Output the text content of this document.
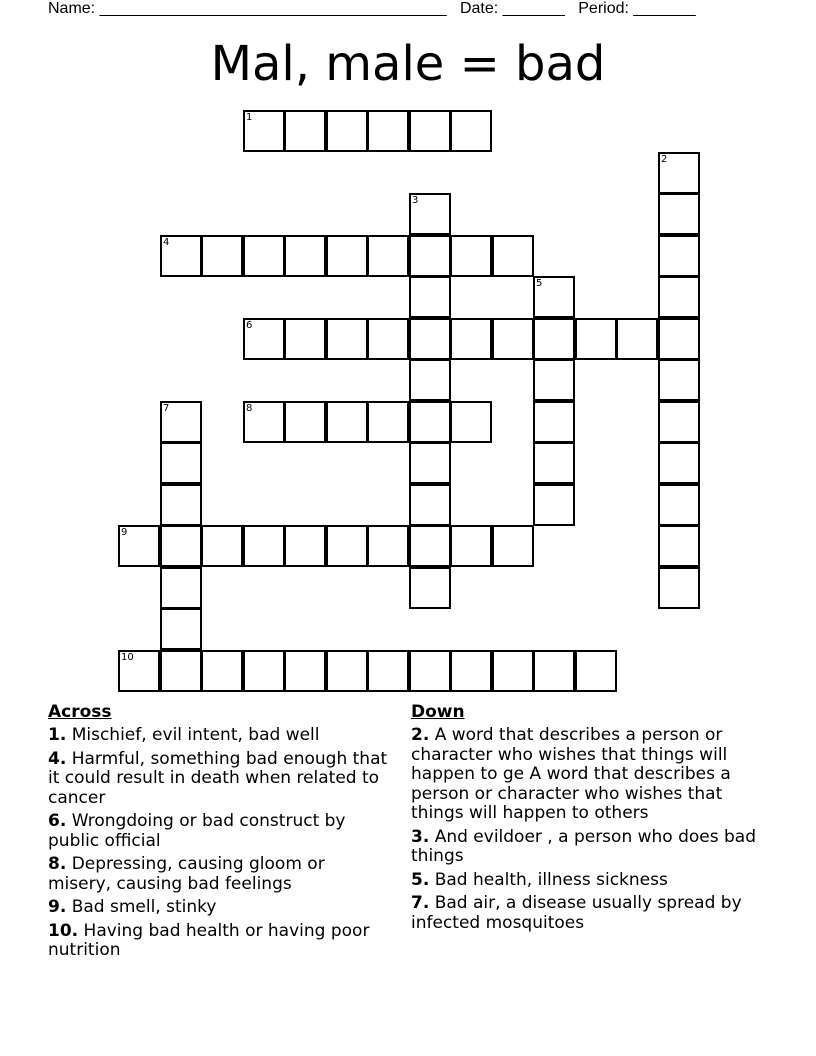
Name: _______________________________________   Date: _______   Period: _______
Mal, male = bad
1
2
3
4
5
6
7	8
9
10
Across
1. Mischief, evil intent, bad well
4. Harmful, something bad enough that it could result in death when related to cancer
6. Wrongdoing or bad construct by public official
8. Depressing, causing gloom or misery, causing bad feelings
9. Bad smell, stinky
10. Having bad health or having poor nutrition
Down
2. A word that describes a person or character who wishes that things will happen to ge A word that describes a person or character who wishes that things will happen to others
3. And evildoer , a person who does bad things
5. Bad health, illness sickness
7. Bad air, a disease usually spread by infected mosquitoes
